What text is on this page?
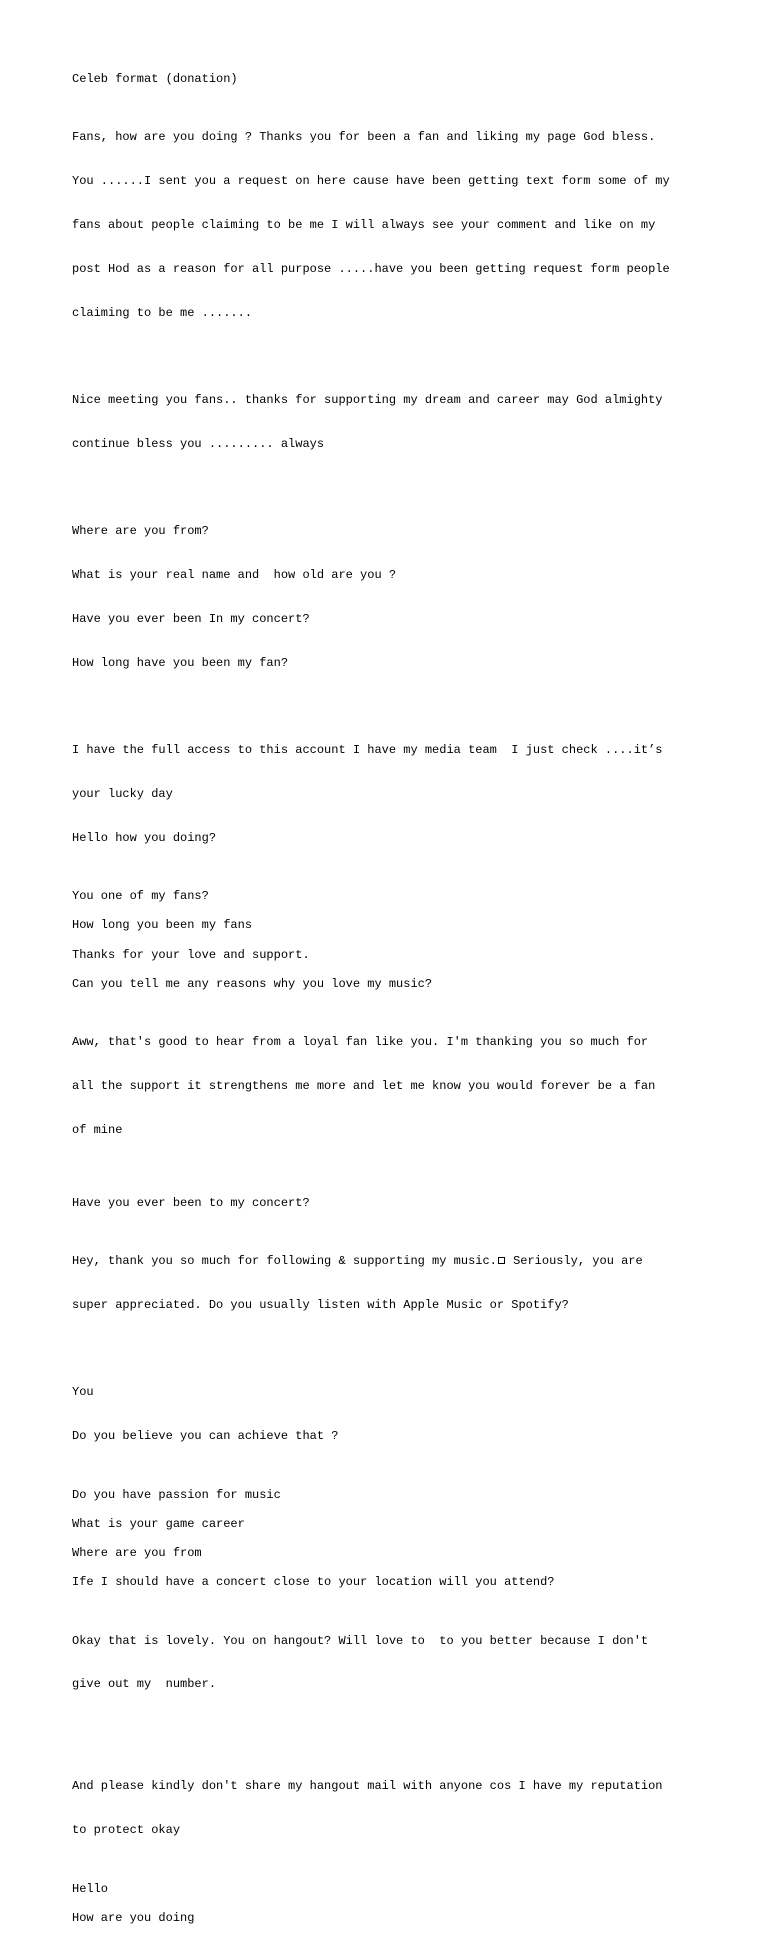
Celeb format (donation)

Fans, how are you doing ? Thanks you for been a fan and liking my page God bless.

You ......I sent you a request on here cause have been getting text form some of my

fans about people claiming to be me I will always see your comment and like on my

post Hod as a reason for all purpose .....have you been getting request form people

claiming to be me .......

Nice meeting you fans.. thanks for supporting my dream and career may God almighty

continue bless you ......... always

Where are you from?

What is your real name and  how old are you ?

Have you ever been In my concert?

How long have you been my fan?

I have the full access to this account I have my media team  I just check ....it’s

your lucky day

Hello how you doing?

You one of my fans?
How long you been my fans
Thanks for your love and support.
Can you tell me any reasons why you love my music?

Aww, that's good to hear from a loyal fan like you. I'm thanking you so much for

all the support it strengthens me more and let me know you would forever be a fan

of mine

Have you ever been to my concert?

Hey, thank you so much for following & supporting my music. Seriously, you are

super appreciated. Do you usually listen with Apple Music or Spotify?

You

Do you believe you can achieve that ?

Do you have passion for music
What is your game career
Where are you from
Ife I should have a concert close to your location will you attend?

Okay that is lovely. You on hangout? Will love to  to you better because I don't

give out my  number.

And please kindly don't share my hangout mail with anyone cos I have my reputation

to protect okay

Hello
How are you doing
